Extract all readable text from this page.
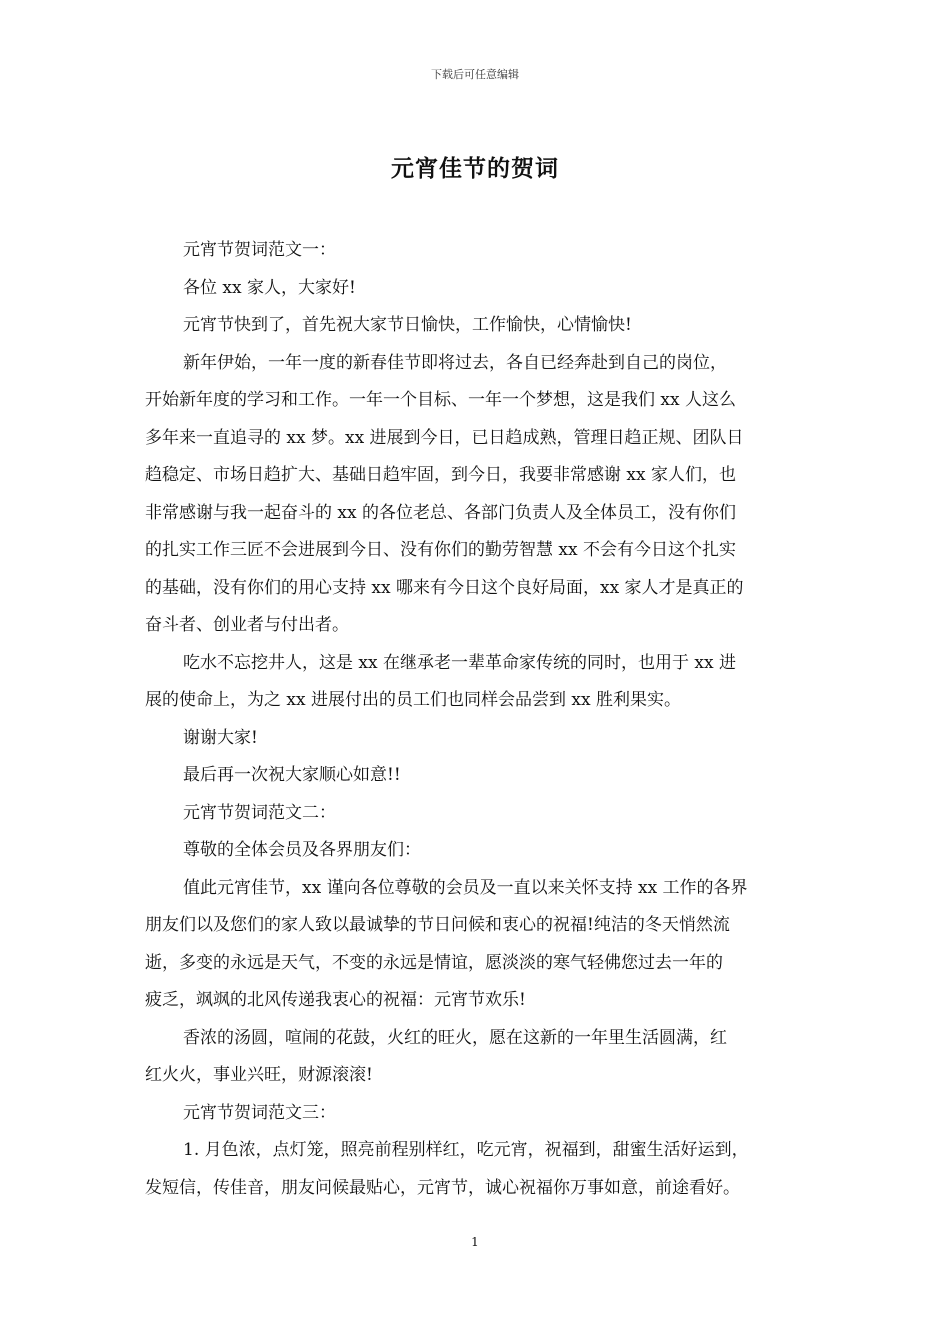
下载后可任意编辑
元宵佳节的贺词

元宵节贺词范文一：

各位 xx 家人，大家好!

元宵节快到了，首先祝大家节日愉快，工作愉快，心情愉快!

新年伊始，一年一度的新春佳节即将过去，各自已经奔赴到自己的岗位，
开始新年度的学习和工作。一年一个目标、一年一个梦想，这是我们 xx 人这么
多年来一直追寻的 xx 梦。xx 进展到今日，已日趋成熟，管理日趋正规、团队日
趋稳定、市场日趋扩大、基础日趋牢固，到今日，我要非常感谢 xx 家人们，也
非常感谢与我一起奋斗的 xx 的各位老总、各部门负责人及全体员工，没有你们
的扎实工作三匠不会进展到今日、没有你们的勤劳智慧 xx 不会有今日这个扎实
的基础，没有你们的用心支持 xx 哪来有今日这个良好局面，xx 家人才是真正的
奋斗者、创业者与付出者。

吃水不忘挖井人，这是 xx 在继承老一辈革命家传统的同时，也用于 xx 进
展的使命上，为之 xx 进展付出的员工们也同样会品尝到 xx 胜利果实。

谢谢大家!

最后再一次祝大家顺心如意!!

元宵节贺词范文二：

尊敬的全体会员及各界朋友们：

值此元宵佳节，xx 谨向各位尊敬的会员及一直以来关怀支持 xx 工作的各界
朋友们以及您们的家人致以最诚挚的节日问候和衷心的祝福!纯洁的冬天悄然流
逝，多变的永远是天气，不变的永远是情谊，愿淡淡的寒气轻佛您过去一年的
疲乏，飒飒的北风传递我衷心的祝福：元宵节欢乐!

香浓的汤圆，喧闹的花鼓，火红的旺火，愿在这新的一年里生活圆满，红
红火火，事业兴旺，财源滚滚!

元宵节贺词范文三：

1. 月色浓，点灯笼，照亮前程别样红，吃元宵，祝福到，甜蜜生活好运到，
发短信，传佳音，朋友问候最贴心，元宵节，诚心祝福你万事如意，前途看好。

1
